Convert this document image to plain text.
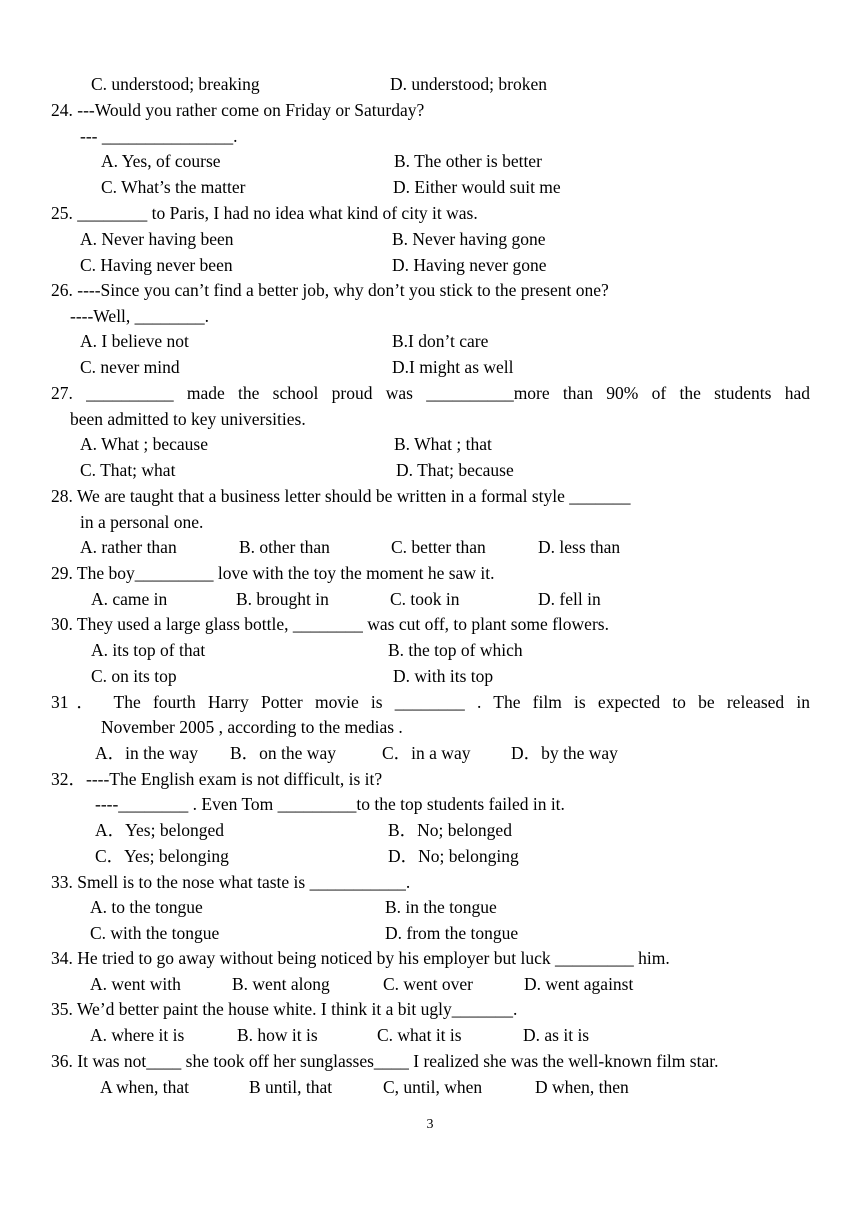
C. understood; breaking	D. understood; broken
24. ---Would you rather come on Friday or Saturday?
--- _______________.
A. Yes, of course	B. The other is better
C. What’s the matter	D. Either would suit me
25. ________ to Paris, I had no idea what kind of city it was.
A. Never having been	B. Never having gone
C. Having never been	D. Having never gone
26. ----Since you can’t find a better job, why don’t you stick to the present one?
----Well, ________.
A. I believe not	B.I don’t care
C. never mind	D.I might as well
27. __________ made the school proud was __________more than 90% of the students had
been admitted to key universities.
A. What ; because	B. What ; that
C. That; what	D. That; because
28. We are taught that a business letter should be written in a formal style _______
in a personal one.
A. rather than	B. other than	C. better than	D. less than
29. The boy_________ love with the toy the moment he saw it.
A. came in	B. brought in	C. took in	D. fell in
30. They used a large glass bottle, ________ was cut off, to plant some flowers.
A. its top of that	B. the top of which
C. on its top	D. with its top
31． The fourth Harry Potter movie is ________ . The film is expected to be released in
November 2005 , according to the medias .
A．in the way B．on the way	C．in a way D．by the way
32．----The English exam is not difficult, is it?
----________ . Even Tom _________to the top students failed in it.
A．Yes; belonged	B．No; belonged
C．Yes; belonging	D．No; belonging
33. Smell is to the nose what taste is ___________.
A. to the tongue	B. in the tongue
C. with the tongue	D. from the tongue
34. He tried to go away without being noticed by his employer but luck _________ him.
A. went with	B. went along	C. went over	D. went against
35. We’d better paint the house white. I think it a bit ugly_______.
A. where it is	B. how it is	C. what it is	D. as it is
36. It was not____ she took off her sunglasses____ I realized she was the well-known film star.
A when, that	B until, that	C, until, when	D when, then
3
